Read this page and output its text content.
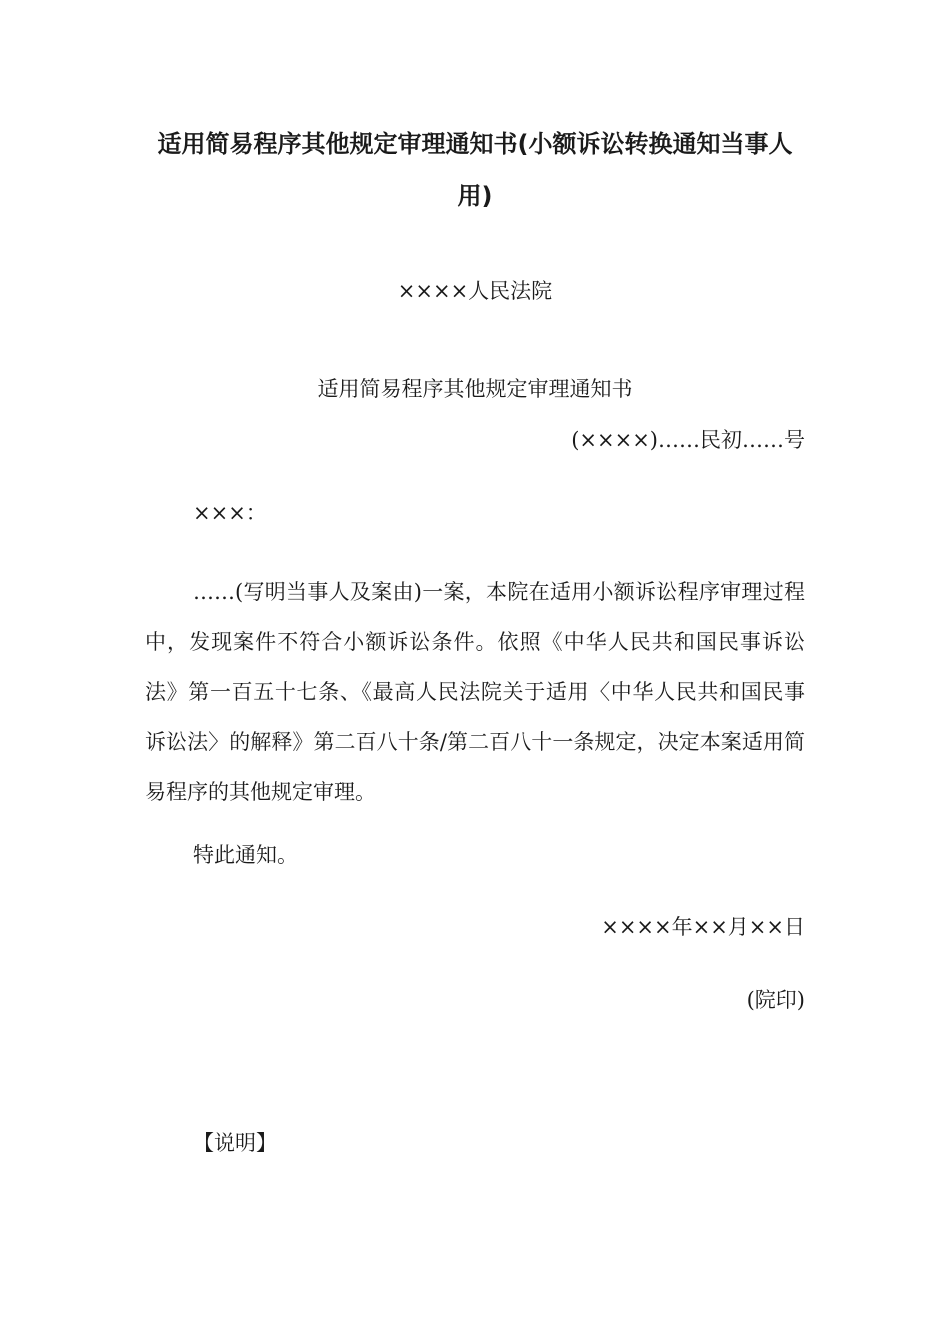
适用简易程序其他规定审理通知书(小额诉讼转换通知当事人用)
××××人民法院
适用简易程序其他规定审理通知书
(××××)……民初……号
×××：
……(写明当事人及案由)一案，本院在适用小额诉讼程序审理过程中，发现案件不符合小额诉讼条件。依照《中华人民共和国民事诉讼法》第一百五十七条、《最高人民法院关于适用〈中华人民共和国民事诉讼法〉的解释》第二百八十条/第二百八十一条规定，决定本案适用简易程序的其他规定审理。
特此通知。
××××年××月××日
(院印)
【说明】
